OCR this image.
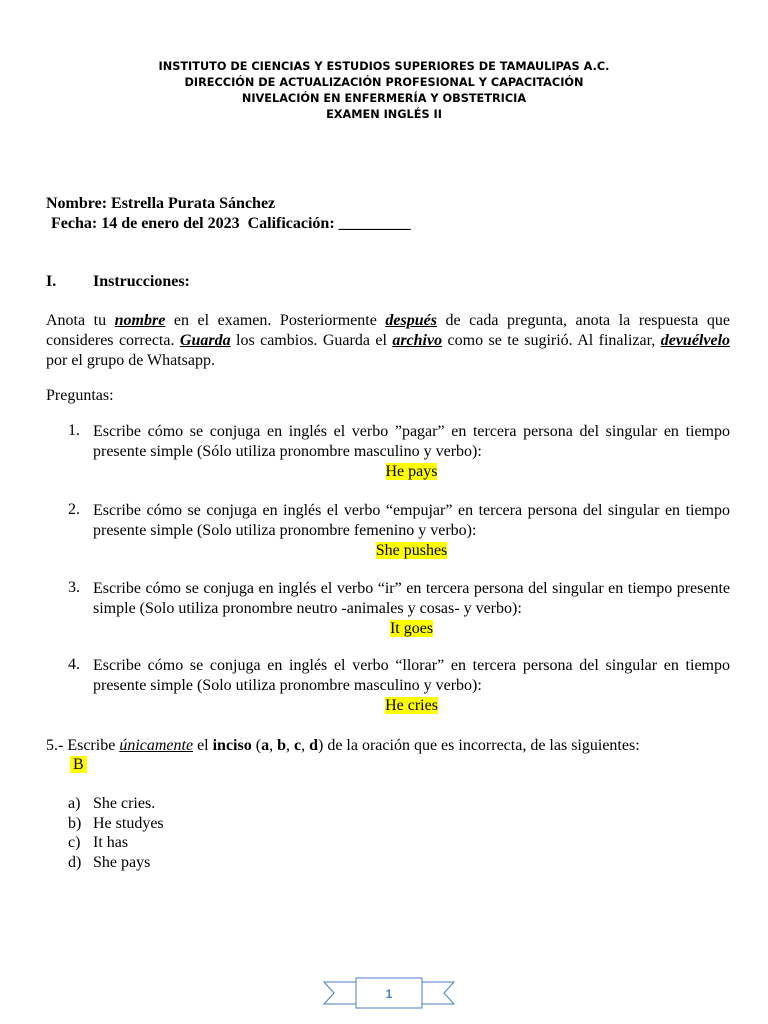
INSTITUTO DE CIENCIAS Y ESTUDIOS SUPERIORES DE TAMAULIPAS A.C.
DIRECCIÓN DE ACTUALIZACIÓN PROFESIONAL Y CAPACITACIÓN
NIVELACIÓN EN ENFERMERÍA Y OBSTETRICIA
EXAMEN INGLÉS II
Nombre: Estrella Purata Sánchez
Fecha: 14 de enero del 2023 Calificación: _________
I. Instrucciones:
Anota tu nombre en el examen. Posteriormente después de cada pregunta, anota la respuesta que consideres correcta. Guarda los cambios. Guarda el archivo como se te sugirió. Al finalizar, devuélvelo por el grupo de Whatsapp.
Preguntas:
1. Escribe cómo se conjuga en inglés el verbo ”pagar” en tercera persona del singular en tiempo presente simple (Sólo utiliza pronombre masculino y verbo):
He pays
2. Escribe cómo se conjuga en inglés el verbo “empujar” en tercera persona del singular en tiempo presente simple (Solo utiliza pronombre femenino y verbo):
She pushes
3. Escribe cómo se conjuga en inglés el verbo “ir” en tercera persona del singular en tiempo presente simple (Solo utiliza pronombre neutro -animales y cosas- y verbo):
It goes
4. Escribe cómo se conjuga en inglés el verbo “llorar” en tercera persona del singular en tiempo presente simple (Solo utiliza pronombre masculino y verbo):
He cries
5.- Escribe únicamente el inciso (a, b, c, d) de la oración que es incorrecta, de las siguientes:
B
a) She cries.
b) He studyes
c) It has
d) She pays
1
